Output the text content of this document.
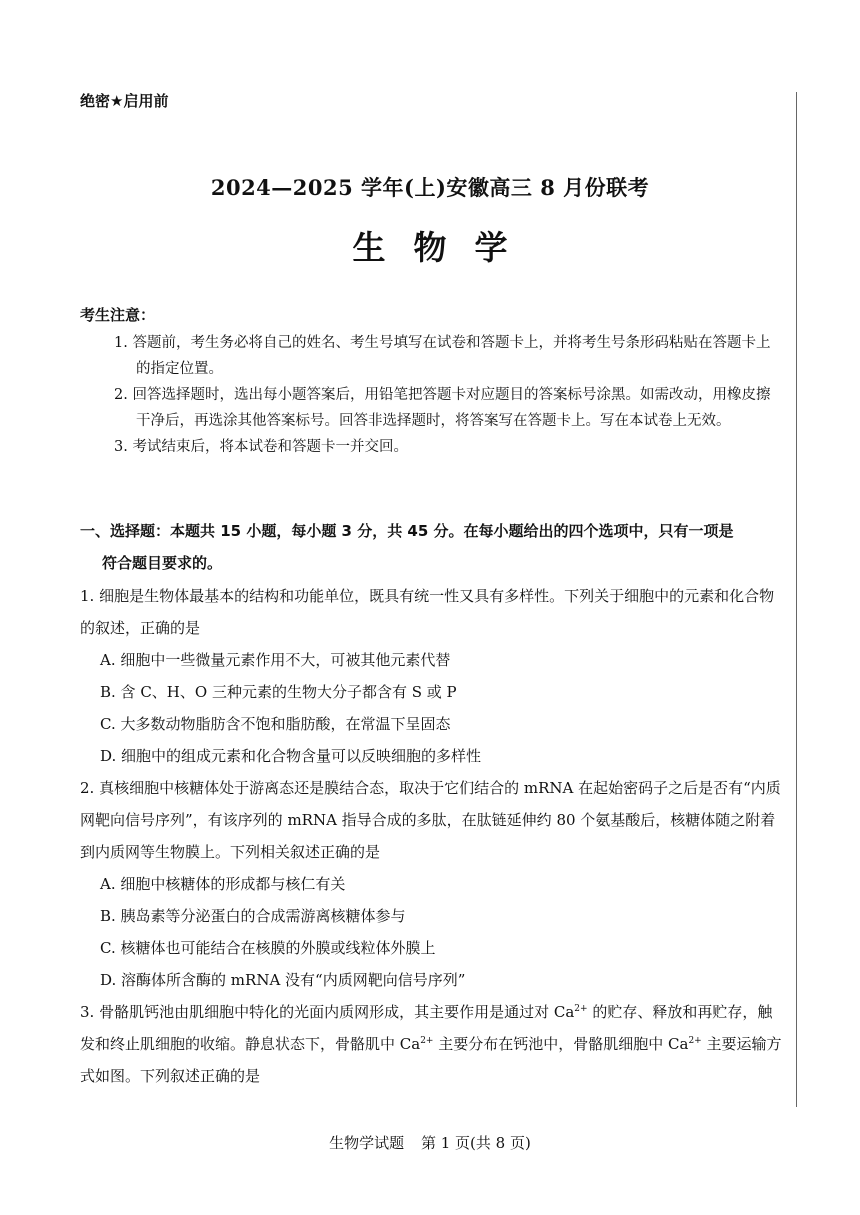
绝密★启用前
2024—2025 学年(上)安徽高三 8 月份联考
生物学
考生注意：
1. 答题前，考生务必将自己的姓名、考生号填写在试卷和答题卡上，并将考生号条形码粘贴在答题卡上的指定位置。
2. 回答选择题时，选出每小题答案后，用铅笔把答题卡对应题目的答案标号涂黑。如需改动，用橡皮擦干净后，再选涂其他答案标号。回答非选择题时，将答案写在答题卡上。写在本试卷上无效。
3. 考试结束后，将本试卷和答题卡一并交回。
一、选择题：本题共 15 小题，每小题 3 分，共 45 分。在每小题给出的四个选项中，只有一项是
符合题目要求的。
1. 细胞是生物体最基本的结构和功能单位，既具有统一性又具有多样性。下列关于细胞中的元素和化合物的叙述，正确的是
A. 细胞中一些微量元素作用不大，可被其他元素代替
B. 含 C、H、O 三种元素的生物大分子都含有 S 或 P
C. 大多数动物脂肪含不饱和脂肪酸，在常温下呈固态
D. 细胞中的组成元素和化合物含量可以反映细胞的多样性
2. 真核细胞中核糖体处于游离态还是膜结合态，取决于它们结合的 mRNA 在起始密码子之后是否有“内质网靶向信号序列”，有该序列的 mRNA 指导合成的多肽，在肽链延伸约 80 个氨基酸后，核糖体随之附着到内质网等生物膜上。下列相关叙述正确的是
A. 细胞中核糖体的形成都与核仁有关
B. 胰岛素等分泌蛋白的合成需游离核糖体参与
C. 核糖体也可能结合在核膜的外膜或线粒体外膜上
D. 溶酶体所含酶的 mRNA 没有“内质网靶向信号序列”
3. 骨骼肌钙池由肌细胞中特化的光面内质网形成，其主要作用是通过对 $Ca^{2+}$ 的贮存、释放和再贮存，触发和终止肌细胞的收缩。静息状态下，骨骼肌中 $Ca^{2+}$ 主要分布在钙池中，骨骼肌细胞中 $Ca^{2+}$ 主要运输方式如图。下列叙述正确的是
生物学试题 第 1 页(共 8 页)
